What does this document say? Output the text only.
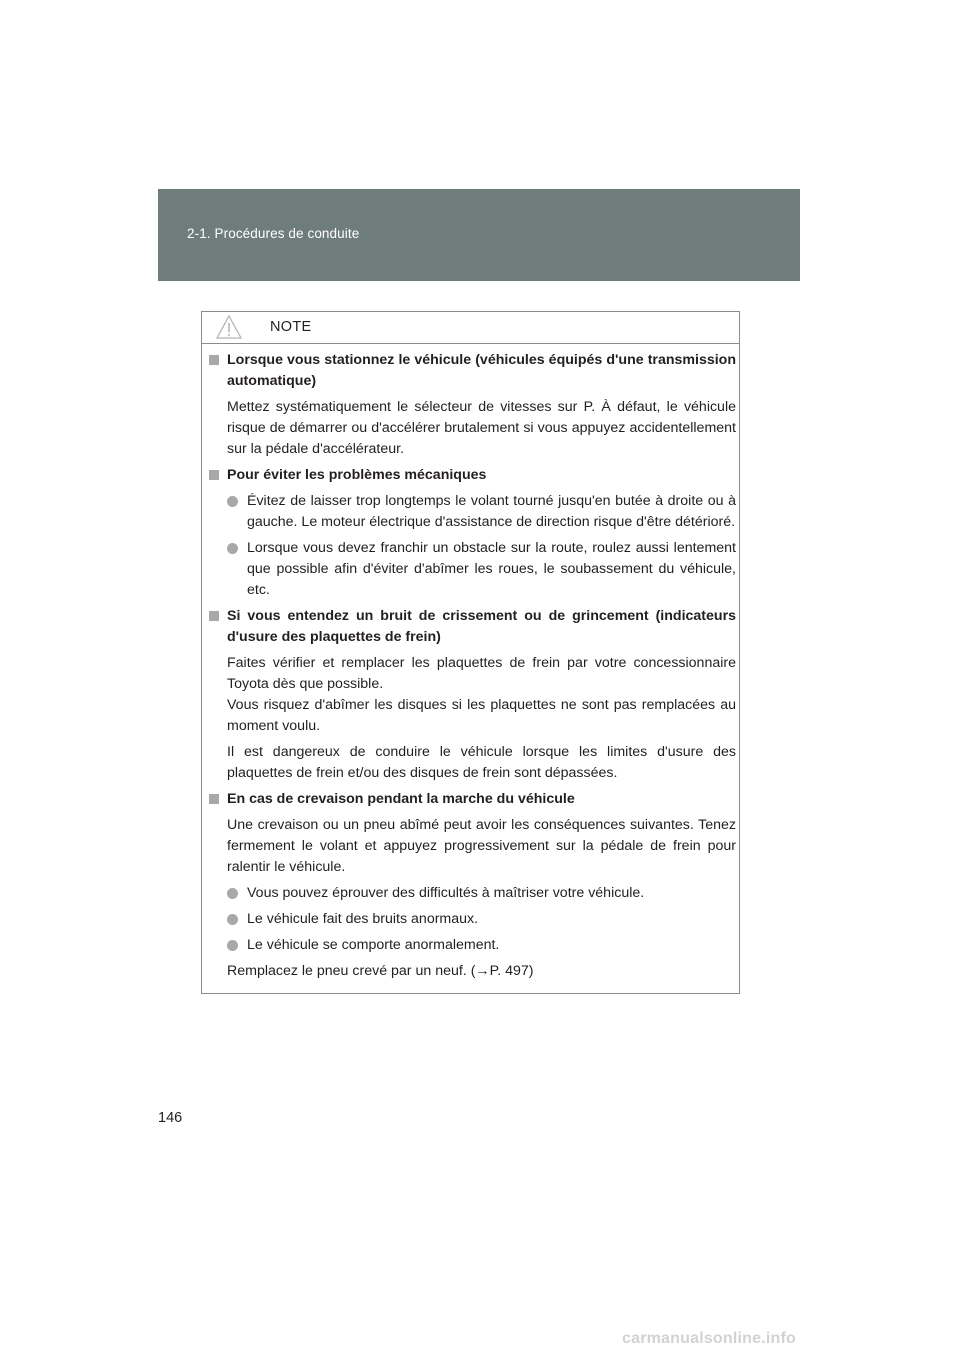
2-1. Procédures de conduite
NOTE
Lorsque vous stationnez le véhicule (véhicules équipés d'une transmission automatique)
Mettez systématiquement le sélecteur de vitesses sur P. À défaut, le véhicule risque de démarrer ou d'accélérer brutalement si vous appuyez accidentellement sur la pédale d'accélérateur.
Pour éviter les problèmes mécaniques
Évitez de laisser trop longtemps le volant tourné jusqu'en butée à droite ou à gauche. Le moteur électrique d'assistance de direction risque d'être détérioré.
Lorsque vous devez franchir un obstacle sur la route, roulez aussi lentement que possible afin d'éviter d'abîmer les roues, le soubassement du véhicule, etc.
Si vous entendez un bruit de crissement ou de grincement (indicateurs d'usure des plaquettes de frein)
Faites vérifier et remplacer les plaquettes de frein par votre concessionnaire Toyota dès que possible.
Vous risquez d'abîmer les disques si les plaquettes ne sont pas remplacées au moment voulu.
Il est dangereux de conduire le véhicule lorsque les limites d'usure des plaquettes de frein et/ou des disques de frein sont dépassées.
En cas de crevaison pendant la marche du véhicule
Une crevaison ou un pneu abîmé peut avoir les conséquences suivantes. Tenez fermement le volant et appuyez progressivement sur la pédale de frein pour ralentir le véhicule.
Vous pouvez éprouver des difficultés à maîtriser votre véhicule.
Le véhicule fait des bruits anormaux.
Le véhicule se comporte anormalement.
Remplacez le pneu crevé par un neuf. (→P. 497)
146
carmanualsonline.info
